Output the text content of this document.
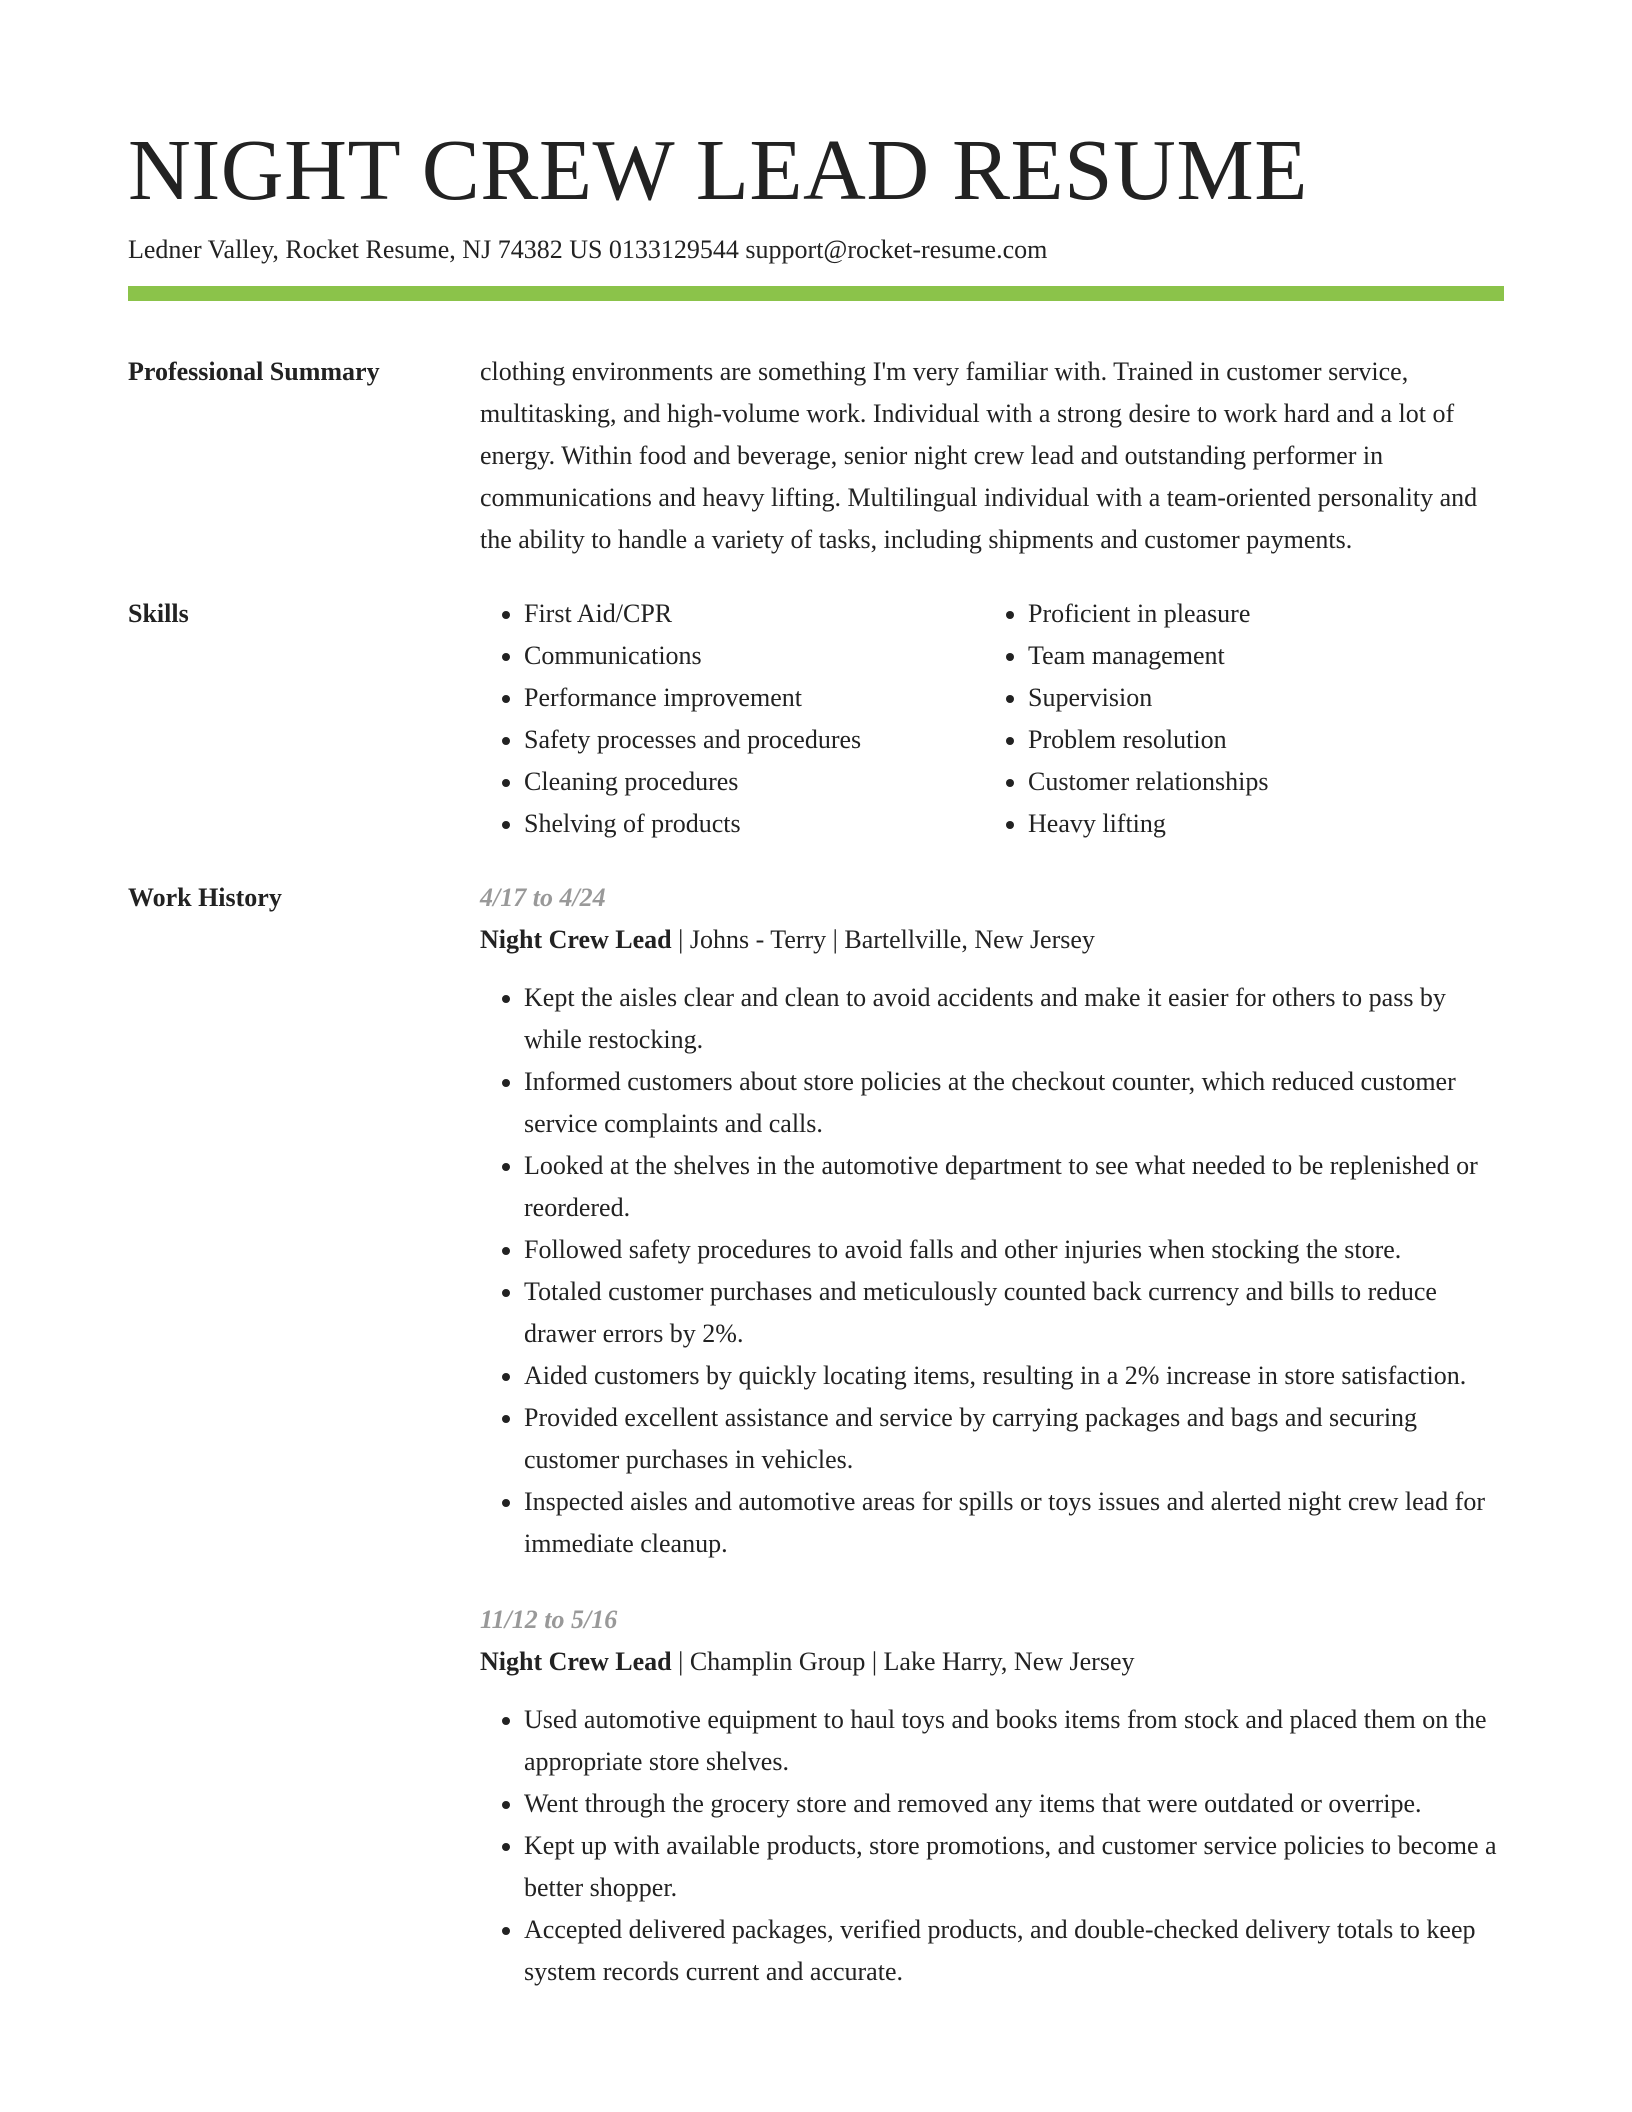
NIGHT CREW LEAD RESUME
Ledner Valley, Rocket Resume, NJ 74382 US 0133129544 support@rocket-resume.com
Professional Summary	clothing environments are something I'm very familiar with. Trained in customer service, multitasking, and high-volume work. Individual with a strong desire to work hard and a lot of energy. Within food and beverage, senior night crew lead and outstanding performer in communications and heavy lifting. Multilingual individual with a team-oriented personality and the ability to handle a variety of tasks, including shipments and customer payments.

Skills
•	First Aid/CPR
• Communications
• Performance improvement
• Safety processes and procedures
• Cleaning procedures
• Shelving of products
• Proficient in pleasure
• Team management
• Supervision
• Problem resolution
• Customer relationships
• Heavy lifting
Work History	4/17 to 4/24
Night Crew Lead | Johns - Terry | Bartellville, New Jersey
• Kept the aisles clear and clean to avoid accidents and make it easier for others to pass by while restocking.
• Informed customers about store policies at the checkout counter, which reduced customer service complaints and calls.
• Looked at the shelves in the automotive department to see what needed to be replenished or reordered.
• Followed safety procedures to avoid falls and other injuries when stocking the store.
• Totaled customer purchases and meticulously counted back currency and bills to reduce drawer errors by 2%.
• Aided customers by quickly locating items, resulting in a 2% increase in store satisfaction.
• Provided excellent assistance and service by carrying packages and bags and securing customer purchases in vehicles.
• Inspected aisles and automotive areas for spills or toys issues and alerted night crew lead for immediate cleanup.
11/12 to 5/16
Night Crew Lead | Champlin Group | Lake Harry, New Jersey
• Used automotive equipment to haul toys and books items from stock and placed them on the appropriate store shelves.
• Went through the grocery store and removed any items that were outdated or overripe.
• Kept up with available products, store promotions, and customer service policies to become a better shopper.
• Accepted delivered packages, verified products, and double-checked delivery totals to keep system records current and accurate.
